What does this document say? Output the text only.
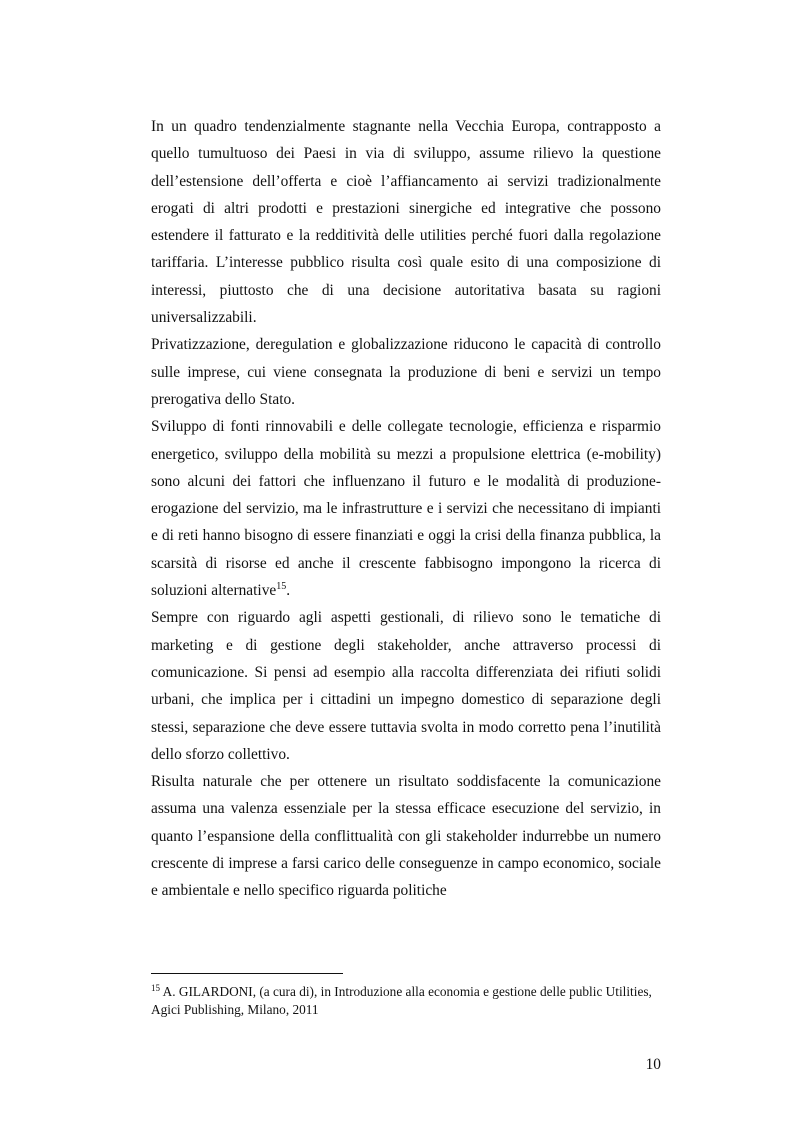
In un quadro tendenzialmente stagnante nella Vecchia Europa, contrapposto a quello tumultuoso dei Paesi in via di sviluppo, assume rilievo la questione dell’estensione dell’offerta e cioè l’affiancamento ai servizi tradizionalmente erogati di altri prodotti e prestazioni sinergiche ed integrative che possono estendere il fatturato e la redditività delle utilities perché fuori dalla regolazione tariffaria. L’interesse pubblico risulta così quale esito di una composizione di interessi, piuttosto che di una decisione autoritativa basata su ragioni universalizzabili.

Privatizzazione, deregulation e globalizzazione riducono le capacità di controllo sulle imprese, cui viene consegnata la produzione di beni e servizi un tempo prerogativa dello Stato.

Sviluppo di fonti rinnovabili e delle collegate tecnologie, efficienza e risparmio energetico, sviluppo della mobilità su mezzi a propulsione elettrica (e-mobility) sono alcuni dei fattori che influenzano il futuro e le modalità di produzione-erogazione del servizio, ma le infrastrutture e i servizi che necessitano di impianti e di reti hanno bisogno di essere finanziati e oggi la crisi della finanza pubblica, la scarsità di risorse ed anche il crescente fabbisogno impongono la ricerca di soluzioni alternative$^{15}$.

Sempre con riguardo agli aspetti gestionali, di rilievo sono le tematiche di marketing e di gestione degli stakeholder, anche attraverso processi di comunicazione. Si pensi ad esempio alla raccolta differenziata dei rifiuti solidi urbani, che implica per i cittadini un impegno domestico di separazione degli stessi, separazione che deve essere tuttavia svolta in modo corretto pena l’inutilità dello sforzo collettivo.

Risulta naturale che per ottenere un risultato soddisfacente la comunicazione assuma una valenza essenziale per la stessa efficace esecuzione del servizio, in quanto l’espansione della conflittualità con gli stakeholder indurrebbe un numero crescente di imprese a farsi carico delle conseguenze in campo economico, sociale e ambientale e nello specifico riguarda politiche

$^{15}$ A. GILARDONI, (a cura di), in Introduzione alla economia e gestione delle public Utilities, Agici Publishing, Milano, 2011
10
